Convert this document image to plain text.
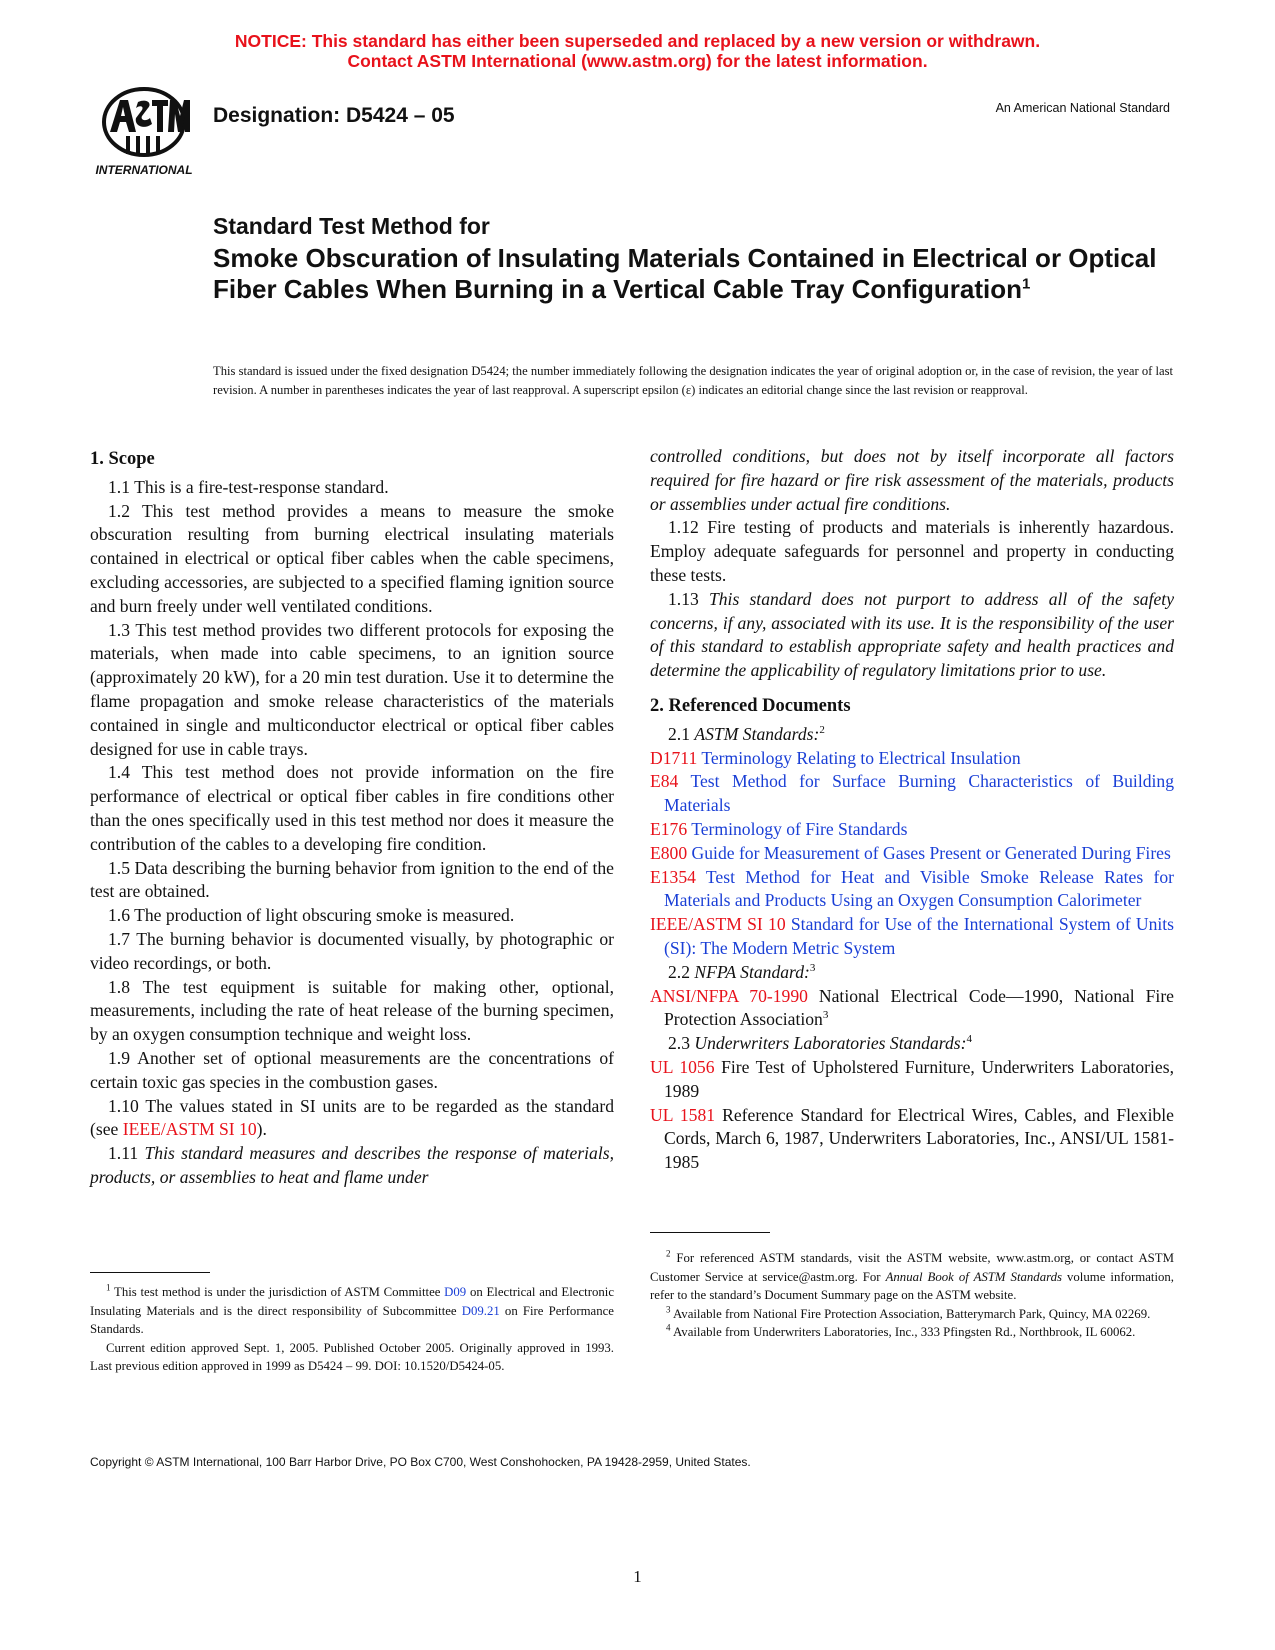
NOTICE: This standard has either been superseded and replaced by a new version or withdrawn.
Contact ASTM International (www.astm.org) for the latest information.
INTERNATIONAL
Designation: D5424 – 05	An American National Standard
Standard Test Method for
Smoke Obscuration of Insulating Materials Contained in Electrical or Optical Fiber Cables When Burning in a Vertical Cable Tray Configuration$^1$
This standard is issued under the fixed designation D5424; the number immediately following the designation indicates the year of original adoption or, in the case of revision, the year of last revision. A number in parentheses indicates the year of last reapproval. A superscript epsilon (ε) indicates an editorial change since the last revision or reapproval.

1. Scope

1.1 This is a fire-test-response standard.

1.2 This test method provides a means to measure the smoke obscuration resulting from burning electrical insulating materials contained in electrical or optical fiber cables when the cable specimens, excluding accessories, are subjected to a specified flaming ignition source and burn freely under well ventilated conditions.

1.3 This test method provides two different protocols for exposing the materials, when made into cable specimens, to an ignition source (approximately 20 kW), for a 20 min test duration. Use it to determine the flame propagation and smoke release characteristics of the materials contained in single and multiconductor electrical or optical fiber cables designed for use in cable trays.

1.4 This test method does not provide information on the fire performance of electrical or optical fiber cables in fire conditions other than the ones specifically used in this test method nor does it measure the contribution of the cables to a developing fire condition.

1.5 Data describing the burning behavior from ignition to the end of the test are obtained.

1.6 The production of light obscuring smoke is measured.

1.7 The burning behavior is documented visually, by photographic or video recordings, or both.

1.8 The test equipment is suitable for making other, optional, measurements, including the rate of heat release of the burning specimen, by an oxygen consumption technique and weight loss.

1.9 Another set of optional measurements are the concentrations of certain toxic gas species in the combustion gases.

1.10 The values stated in SI units are to be regarded as the standard (see IEEE/ASTM SI 10).

1.11 This standard measures and describes the response of materials, products, or assemblies to heat and flame under

$^1$ This test method is under the jurisdiction of ASTM Committee D09 on Electrical and Electronic Insulating Materials and is the direct responsibility of Subcommittee D09.21 on Fire Performance Standards.

Current edition approved Sept. 1, 2005. Published October 2005. Originally approved in 1993. Last previous edition approved in 1999 as D5424 – 99. DOI: 10.1520/D5424-05.

controlled conditions, but does not by itself incorporate all factors required for fire hazard or fire risk assessment of the materials, products or assemblies under actual fire conditions.

1.12 Fire testing of products and materials is inherently hazardous. Employ adequate safeguards for personnel and property in conducting these tests.

1.13 This standard does not purport to address all of the safety concerns, if any, associated with its use. It is the responsibility of the user of this standard to establish appropriate safety and health practices and determine the applicability of regulatory limitations prior to use.

2. Referenced Documents

2.1 ASTM Standards:$^2$

D1711 Terminology Relating to Electrical Insulation

E84 Test Method for Surface Burning Characteristics of Building Materials

E176 Terminology of Fire Standards

E800 Guide for Measurement of Gases Present or Generated During Fires

E1354 Test Method for Heat and Visible Smoke Release Rates for Materials and Products Using an Oxygen Consumption Calorimeter

IEEE/ASTM SI 10 Standard for Use of the International System of Units (SI): The Modern Metric System

2.2 NFPA Standard:$^3$

ANSI/NFPA 70-1990 National Electrical Code—1990, National Fire Protection Association$^3$

2.3 Underwriters Laboratories Standards:$^4$

UL 1056 Fire Test of Upholstered Furniture, Underwriters Laboratories, 1989

UL 1581 Reference Standard for Electrical Wires, Cables, and Flexible Cords, March 6, 1987, Underwriters Laboratories, Inc., ANSI/UL 1581-1985

$^2$ For referenced ASTM standards, visit the ASTM website, www.astm.org, or contact ASTM Customer Service at service@astm.org. For Annual Book of ASTM Standards volume information, refer to the standard’s Document Summary page on the ASTM website.

$^3$ Available from National Fire Protection Association, Batterymarch Park, Quincy, MA 02269.

$^4$ Available from Underwriters Laboratories, Inc., 333 Pfingsten Rd., Northbrook, IL 60062.

Copyright © ASTM International, 100 Barr Harbor Drive, PO Box C700, West Conshohocken, PA 19428-2959, United States.
1
